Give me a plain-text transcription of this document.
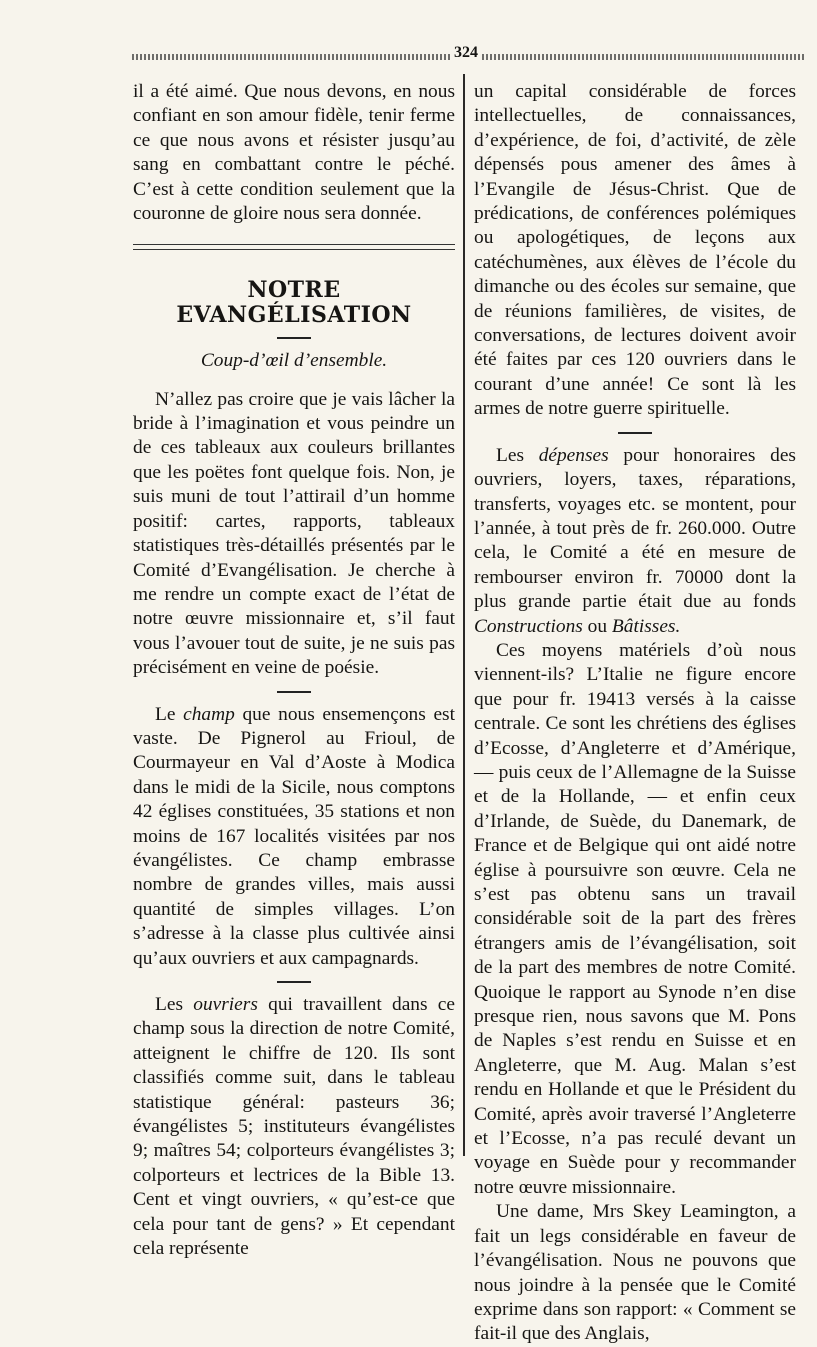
324

il a été aimé. Que nous devons, en nous confiant en son amour fidèle, tenir ferme ce que nous avons et résister jusqu’au sang en combattant contre le péché. C’est à cette condition seulement que la couronne de gloire nous sera donnée.

NOTRE EVANGÉLISATION
Coup-d’œil d’ensemble.

N’allez pas croire que je vais lâcher la bride à l’imagination et vous peindre un de ces tableaux aux couleurs brillantes que les poëtes font quelque fois. Non, je suis muni de tout l’attirail d’un homme positif: cartes, rapports, tableaux statistiques très-détaillés présentés par le Comité d’Evangélisation. Je cherche à me rendre un compte exact de l’état de notre œuvre missionnaire et, s’il faut vous l’avouer tout de suite, je ne suis pas précisément en veine de poésie.

Le champ que nous ensemençons est vaste. De Pignerol au Frioul, de Courmayeur en Val d’Aoste à Modica dans le midi de la Sicile, nous comptons 42 églises constituées, 35 stations et non moins de 167 localités visitées par nos évangélistes. Ce champ embrasse nombre de grandes villes, mais aussi quantité de simples villages. L’on s’adresse à la classe plus cultivée ainsi qu’aux ouvriers et aux campagnards.

Les ouvriers qui travaillent dans ce champ sous la direction de notre Comité, atteignent le chiffre de 120. Ils sont classifiés comme suit, dans le tableau statistique général: pasteurs 36; évangélistes 5; instituteurs évangélistes 9; maîtres 54; colporteurs évangélistes 3; colporteurs et lectrices de la Bible 13. Cent et vingt ouvriers, « qu’est-ce que cela pour tant de gens? » Et cependant cela représente

un capital considérable de forces intellectuelles, de connaissances, d’expérience, de foi, d’activité, de zèle dépensés pous amener des âmes à l’Evangile de Jésus-Christ. Que de prédications, de conférences polémiques ou apologétiques, de leçons aux catéchumènes, aux élèves de l’école du dimanche ou des écoles sur semaine, que de réunions familières, de visites, de conversations, de lectures doivent avoir été faites par ces 120 ouvriers dans le courant d’une année! Ce sont là les armes de notre guerre spirituelle.

Les dépenses pour honoraires des ouvriers, loyers, taxes, réparations, transferts, voyages etc. se montent, pour l’année, à tout près de fr. 260.000. Outre cela, le Comité a été en mesure de rembourser environ fr. 70000 dont la plus grande partie était due au fonds Constructions ou Bâtisses.

Ces moyens matériels d’où nous viennent-ils? L’Italie ne figure encore que pour fr. 19413 versés à la caisse centrale. Ce sont les chrétiens des églises d’Ecosse, d’Angleterre et d’Amérique, — puis ceux de l’Allemagne de la Suisse et de la Hollande, — et enfin ceux d’Irlande, de Suède, du Danemark, de France et de Belgique qui ont aidé notre église à poursuivre son œuvre. Cela ne s’est pas obtenu sans un travail considérable soit de la part des frères étrangers amis de l’évangélisation, soit de la part des membres de notre Comité. Quoique le rapport au Synode n’en dise presque rien, nous savons que M. Pons de Naples s’est rendu en Suisse et en Angleterre, que M. Aug. Malan s’est rendu en Hollande et que le Président du Comité, après avoir traversé l’Angleterre et l’Ecosse, n’a pas reculé devant un voyage en Suède pour y recommander notre œuvre missionnaire.

Une dame, Mrs Skey Leamington, a fait un legs considérable en faveur de l’évangélisation. Nous ne pouvons que nous joindre à la pensée que le Comité exprime dans son rapport: « Comment se fait-il que des Anglais,
